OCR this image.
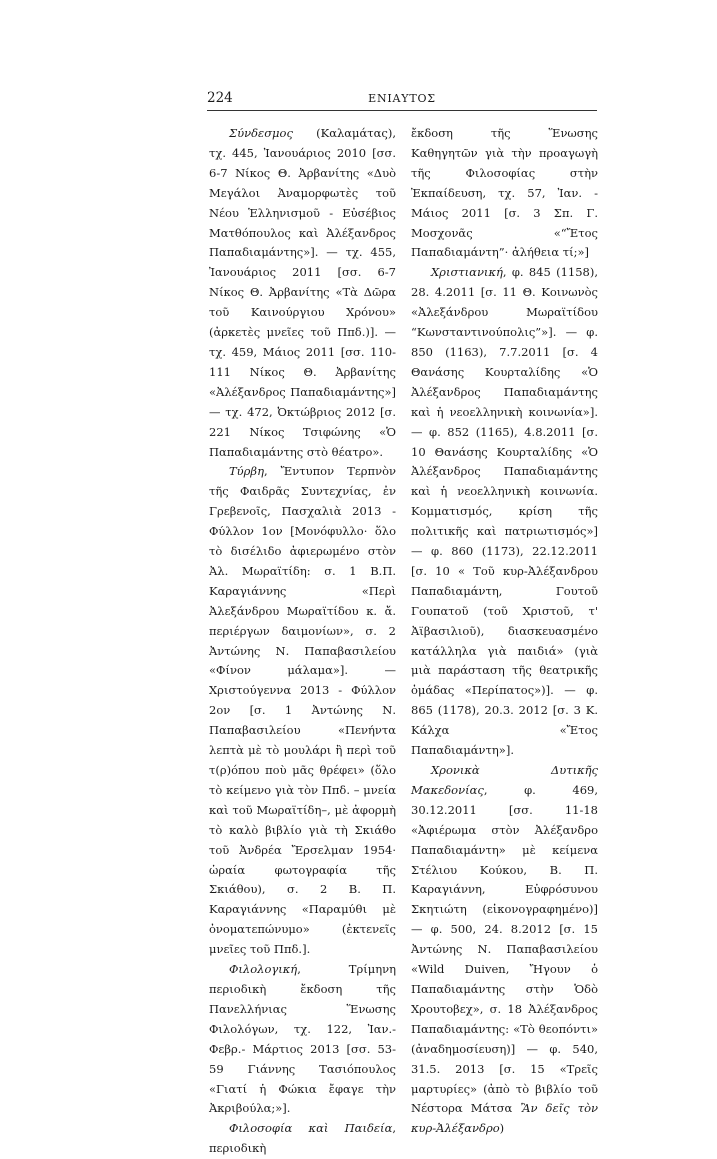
224	ΕΝΙΑΥΤΟΣ

Σύνδεσμος (Καλαμάτας), τχ. 445, Ἰανουάριος 2010 [σσ. 6-7 Νίκος Θ. Ἀρβανίτης «Δυὸ Μεγάλοι Ἀναμορφωτὲς τοῦ Νέου Ἑλληνισμοῦ - Εὐσέβιος Ματθόπουλος καὶ Ἀλέξανδρος Παπαδιαμάντης»]. — τχ. 455, Ἰανουάριος 2011 [σσ. 6-7 Νίκος Θ. Ἀρβανίτης «Τὰ Δῶρα τοῦ Καινούργιου Χρόνου» (ἀρκετὲς μνεῖες τοῦ Ππδ.)]. — τχ. 459, Μάιος 2011 [σσ. 110-111 Νίκος Θ. Ἀρβανίτης «Ἀλέξανδρος Παπαδιαμάντης»] — τχ. 472, Ὀκτώβριος 2012 [σ. 221 Νίκος Τσιφώνης «Ὁ Παπαδιαμάντης στὸ θέατρο».

Τύρβη, Ἔντυπον Τερπνὸν τῆς Φαιδρᾶς Συντεχνίας, ἐν Γρεβενοῖς, Πασχαλιὰ 2013 - Φύλλον 1ον [Μονόφυλλο· ὅλο τὸ δισέλιδο ἀφιερωμένο στὸν Ἀλ. Μωραϊτίδη: σ. 1 Β.Π. Καραγιάννης «Περὶ Ἀλεξάνδρου Μωραϊτίδου κ. ἄ. περιέργων δαιμονίων», σ. 2 Ἀντώνης Ν. Παπαβασιλείου «Φίνον μάλαμα»]. — Χριστούγεννα 2013 - Φύλλον 2ον [σ. 1 Ἀντώνης Ν. Παπαβασιλείου «Πενήντα λεπτὰ μὲ τὸ μουλάρι ἢ περὶ τοῦ τ(ρ)όπου ποὺ μᾶς θρέφει» (ὅλο τὸ κείμενο γιὰ τὸν Ππδ. – μνεία καὶ τοῦ Μωραϊτίδη–, μὲ ἀφορμὴ τὸ καλὸ βιβλίο γιὰ τὴ Σκιάθο τοῦ Ἀνδρέα Ἔρσελμαν 1954· ὡραία φωτογραφία τῆς Σκιάθου), σ. 2 Β. Π. Καραγιάννης «Παραμύθι μὲ ὀνοματεπώνυμο» (ἐκτενεῖς μνεῖες τοῦ Ππδ.].

Φιλολογική, Τρίμηνη περιοδικὴ ἔκδοση τῆς Πανελλήνιας Ἕνωσης Φιλολόγων, τχ. 122, Ἰαν.- Φεβρ.- Μάρτιος 2013 [σσ. 53-59 Γιάννης Τασιόπουλος «Γιατί ἡ Φώκια ἔφαγε τὴν Ἀκριβούλα;»].

Φιλοσοφία καὶ Παιδεία, περιοδικὴ

ἔκδοση τῆς Ἕνωσης Καθηγητῶν γιὰ τὴν προαγωγὴ τῆς Φιλοσοφίας στὴν Ἐκπαίδευση, τχ. 57, Ἰαν. - Μάιος 2011 [σ. 3 Σπ. Γ. Μοσχονᾶς «“Ἔτος Παπαδιαμάντη”· ἀλήθεια τί;»]

Χριστιανική, φ. 845 (1158), 28. 4.2011 [σ. 11 Θ. Κοινωνὸς «Ἀλεξάνδρου Μωραϊτίδου “Κωνσταντινούπολις”»]. — φ. 850 (1163), 7.7.2011 [σ. 4 Θανάσης Κουρταλίδης «Ὁ Ἀλέξανδρος Παπαδιαμάντης καὶ ἡ νεοελληνικὴ κοινωνία»]. — φ. 852 (1165), 4.8.2011 [σ. 10 Θανάσης Κουρταλίδης «Ὁ Ἀλέξανδρος Παπαδιαμάντης καὶ ἡ νεοελληνικὴ κοινωνία. Κομματισμός, κρίση τῆς πολιτικῆς καὶ πατριωτισμός»] — φ. 860 (1173), 22.12.2011 [σ. 10 « Τοῦ κυρ-Ἀλέξανδρου Παπαδιαμάντη, Γουτοῦ Γουπατοῦ (τοῦ Χριστοῦ, τ' Ἀϊβασιλιοῦ), διασκευασμένο κατάλληλα γιὰ παιδιά» (γιὰ μιὰ παράσταση τῆς θεατρικῆς ὁμάδας «Περίπατος»)]. — φ. 865 (1178), 20.3. 2012 [σ. 3 Κ. Κάλχα «Ἔτος Παπαδιαμάντη»].

Χρονικὰ Δυτικῆς Μακεδονίας, φ. 469, 30.12.2011 [σσ. 11-18 «Ἀφιέρωμα στὸν Ἀλέξανδρο Παπαδιαμάντη» μὲ κείμενα Στέλιου Κούκου, Β. Π. Καραγιάννη, Εὐφρόσυνου Σκητιώτη (εἰκονογραφημένο)] — φ. 500, 24. 8.2012 [σ. 15 Ἀντώνης Ν. Παπαβασιλείου «Wild Duiven, Ἤγουν ὁ Παπαδιαμάντης στὴν Ὁδὸ Χρουτοβεχ», σ. 18 Ἀλέξανδρος Παπαδιαμάντης: «Τὸ θεοπόντι» (ἀναδημοσίευση)] — φ. 540, 31.5. 2013 [σ. 15 «Τρεῖς μαρτυρίες» (ἀπὸ τὸ βιβλίο τοῦ Νέστορα Μάτσα Ἂν δεῖς τὸν κυρ-Ἀλέξανδρο)
